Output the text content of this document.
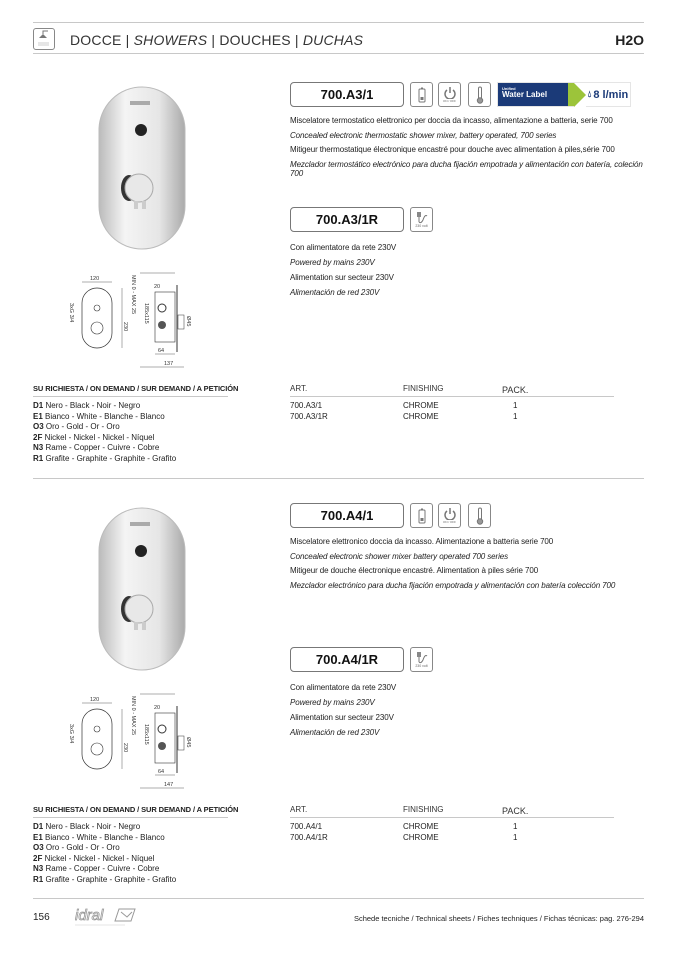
DOCCE | SHOWERS | DOUCHES | DUCHAS	H2O
120
230
3xG 3/4	MIN 0 - MAX 25	20
185x115	Ø45
64
137
700.A3/1	ON / OFF
Unified
Water Label	💧︎ 8 l/min
Miscelatore termostatico elettronico per doccia da incasso, alimentazione a batteria, serie 700
Concealed electronic thermostatic shower mixer, battery operated, 700 series
Mitigeur thermostatique électronique encastré pour douche avec alimentation à piles,série 700
Mezclador termostático electrónico para ducha fijación empotrada y alimentación con batería, coleción 700
700.A3/1R	230 volt
Con alimentatore da rete 230V
Powered by mains 230V
Alimentation sur secteur 230V
Alimentación de red 230V
SU RICHIESTA / ON DEMAND / SUR DEMAND / A PETICIÓN
D1 Nero - Black - Noir - Negro
E1 Bianco - White - Blanche - Blanco
O3 Oro - Gold - Or - Oro
2F Nickel - Nickel - Nickel - Níquel
N3 Rame - Copper - Cuivre - Cobre
R1 Grafite - Graphite - Graphite - Grafito
ART.	FINISHING	PACK.
700.A3/1	CHROME	1
700.A3/1R	CHROME	1
120
230
3xG 3/4	MIN 0 - MAX 25	20
185x115	Ø45
64
147
700.A4/1	ON / OFF
Miscelatore elettronico doccia da incasso. Alimentazione a batteria serie 700
Concealed electronic shower mixer battery operated 700 series
Mitigeur de douche électronique encastré. Alimentation à piles série 700
Mezclador electrónico para ducha fijación empotrada y alimentación con batería colección 700
700.A4/1R	230 volt
Con alimentatore da rete 230V
Powered by mains 230V
Alimentation sur secteur 230V
Alimentación de red 230V
SU RICHIESTA / ON DEMAND / SUR DEMAND / A PETICIÓN
D1 Nero - Black - Noir - Negro
E1 Bianco - White - Blanche - Blanco
O3 Oro - Gold - Or - Oro
2F Nickel - Nickel - Nickel - Níquel
N3 Rame - Copper - Cuivre - Cobre
R1 Grafite - Graphite - Graphite - Grafito
ART.	FINISHING	PACK.
700.A4/1	CHROME	1
700.A4/1R	CHROME	1
156 idral	Schede tecniche / Technical sheets / Fiches techniques / Fichas técnicas: pag. 276-294
